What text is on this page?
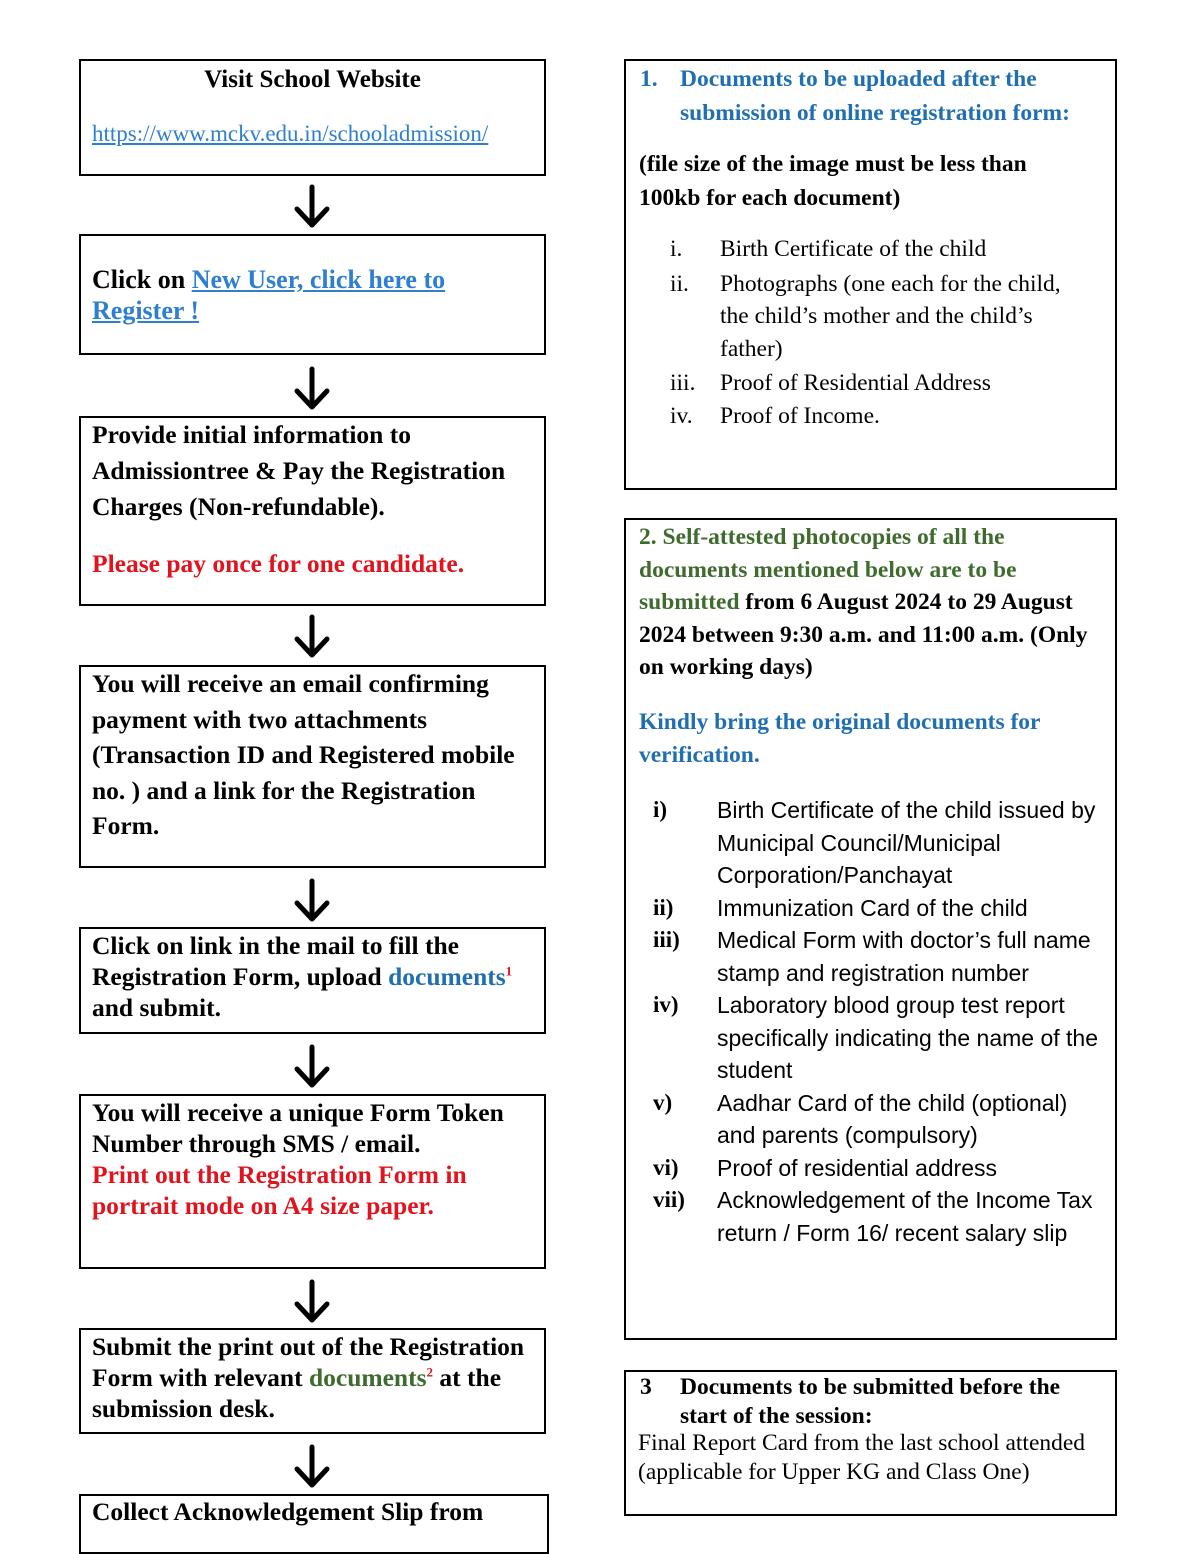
Visit School Website
https://www.mckv.edu.in/schooladmission/
Click on New User, click here to Register !
Provide initial information to Admissiontree & Pay the Registration Charges (Non-refundable).
Please pay once for one candidate.
You will receive an email confirming payment with two attachments (Transaction ID and Registered mobile no. ) and a link for the Registration Form.
Click on link in the mail to fill the Registration Form, upload documents$^1$ and submit.
You will receive a unique Form Token Number through SMS / email.
Print out the Registration Form in portrait mode on A4 size paper.
Submit the print out of the Registration Form with relevant documents$^2$ at the submission desk.
Collect Acknowledgement Slip from
1. Documents to be uploaded after the submission of online registration form:
(file size of the image must be less than 100kb for each document)
i. Birth Certificate of the child
ii. Photographs (one each for the child, the child’s mother and the child’s father)
iii. Proof of Residential Address
iv. Proof of Income.
2. Self-attested photocopies of all the documents mentioned below are to be submitted from 6 August 2024 to 29 August 2024 between 9:30 a.m. and 11:00 a.m. (Only on working days)
Kindly bring the original documents for verification.
i) Birth Certificate of the child issued by Municipal Council/Municipal Corporation/Panchayat
ii) Immunization Card of the child
iii) Medical Form with doctor’s full name stamp and registration number
iv) Laboratory blood group test report specifically indicating the name of the student
v) Aadhar Card of the child (optional) and parents (compulsory)
vi) Proof of residential address
vii) Acknowledgement of the Income Tax return / Form 16/ recent salary slip
3 Documents to be submitted before the start of the session:
Final Report Card from the last school attended (applicable for Upper KG and Class One)
